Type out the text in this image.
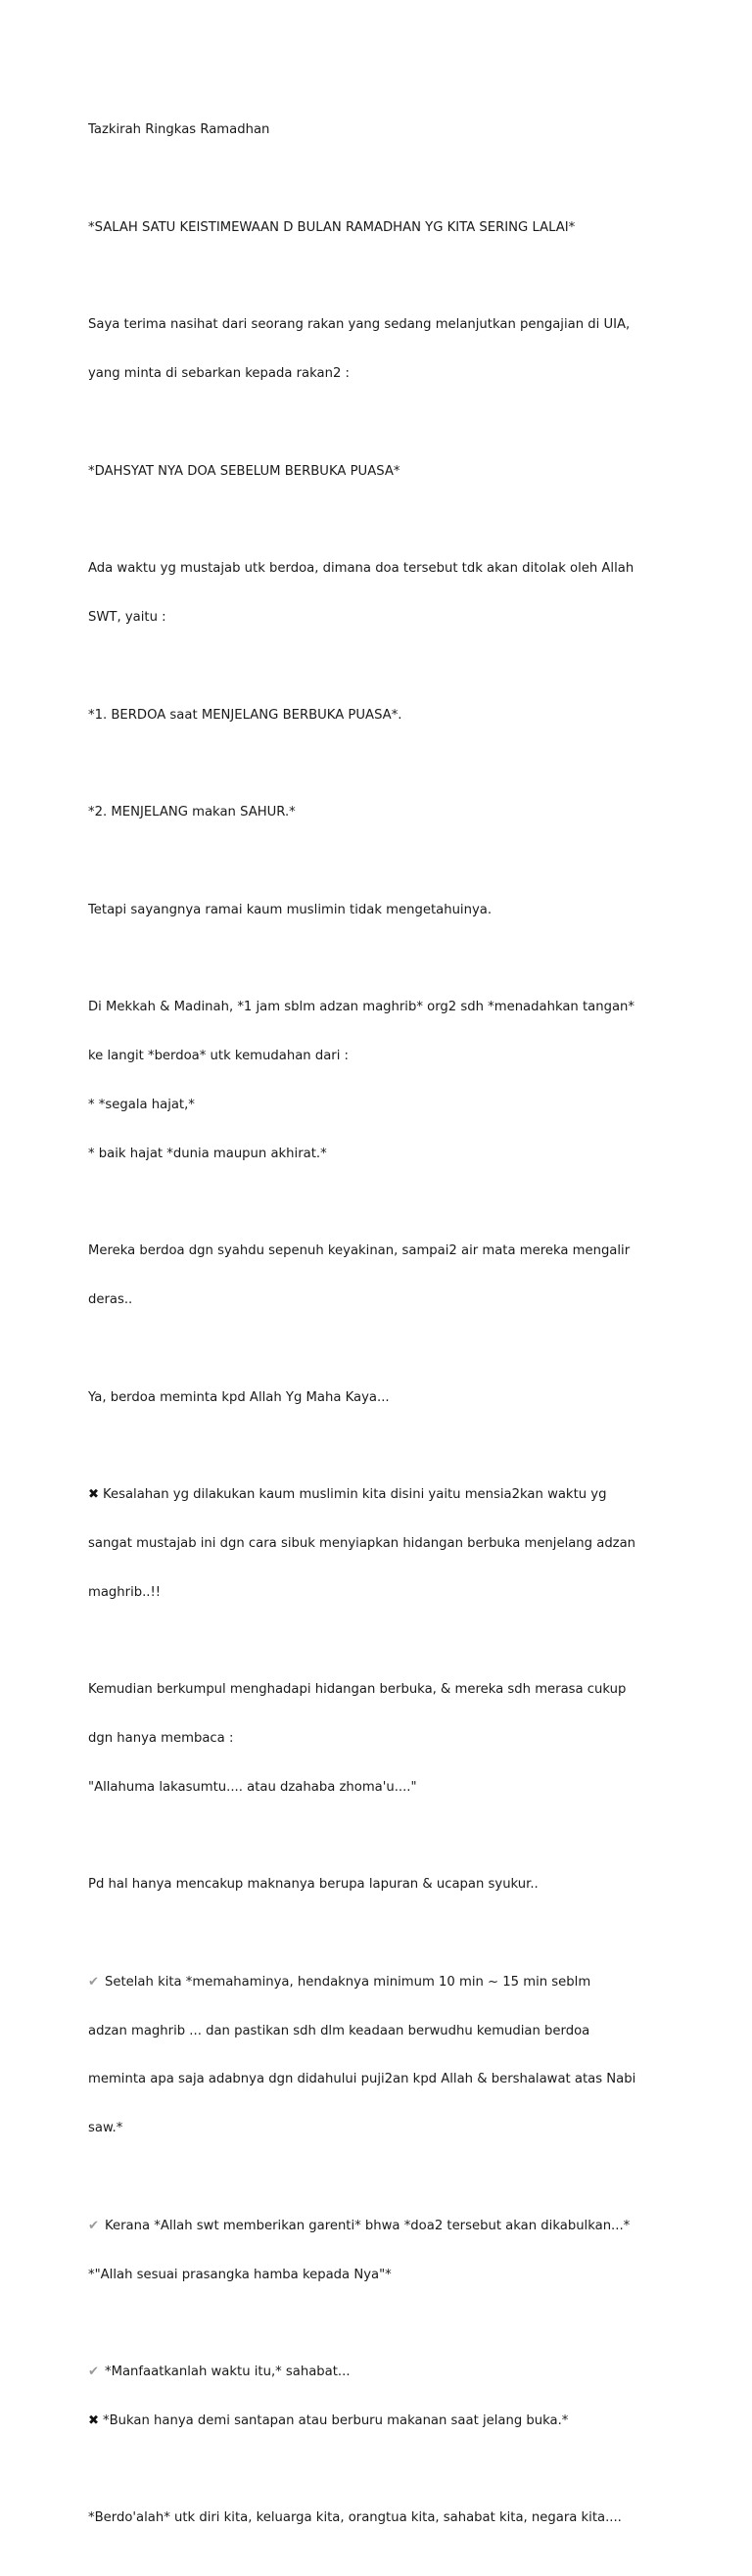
Tazkirah Ringkas Ramadhan

*SALAH SATU KEISTIMEWAAN D BULAN RAMADHAN YG KITA SERING LALAI*

Saya terima nasihat dari seorang rakan yang sedang melanjutkan pengajian di UIA,

yang minta di sebarkan kepada rakan2 :

*DAHSYAT NYA DOA SEBELUM BERBUKA PUASA*

Ada waktu yg mustajab utk berdoa, dimana doa tersebut tdk akan ditolak oleh Allah

SWT, yaitu :

*1. BERDOA saat MENJELANG BERBUKA PUASA*.

*2. MENJELANG makan SAHUR.*

Tetapi sayangnya ramai kaum muslimin tidak mengetahuinya.

Di Mekkah & Madinah, *1 jam sblm adzan maghrib* org2 sdh *menadahkan tangan*

ke langit *berdoa* utk kemudahan dari :

* *segala hajat,*

* baik hajat *dunia maupun akhirat.*

Mereka berdoa dgn syahdu sepenuh keyakinan, sampai2 air mata mereka mengalir

deras..

Ya, berdoa meminta kpd Allah Yg Maha Kaya...

✖ Kesalahan yg dilakukan kaum muslimin kita disini yaitu mensia2kan waktu yg

sangat mustajab ini dgn cara sibuk menyiapkan hidangan berbuka menjelang adzan

maghrib..!!

Kemudian berkumpul menghadapi hidangan berbuka, & mereka sdh merasa cukup

dgn hanya membaca :

"Allahuma lakasumtu.... atau dzahaba zhoma'u...."

Pd hal hanya mencakup maknanya berupa lapuran & ucapan syukur..

✔ Setelah kita *memahaminya, hendaknya minimum 10 min ~ 15 min seblm

adzan maghrib ... dan pastikan sdh dlm keadaan berwudhu kemudian berdoa

meminta apa saja adabnya dgn didahului puji2an kpd Allah & bershalawat atas Nabi

saw.*

✔ Kerana *Allah swt memberikan garenti* bhwa *doa2 tersebut akan dikabulkan...*

*"Allah sesuai prasangka hamba kepada Nya"*

✔ *Manfaatkanlah waktu itu,* sahabat...

✖ *Bukan hanya demi santapan atau berburu makanan saat jelang buka.*

*Berdo'alah* utk diri kita, keluarga kita, orangtua kita, sahabat kita, negara kita....
